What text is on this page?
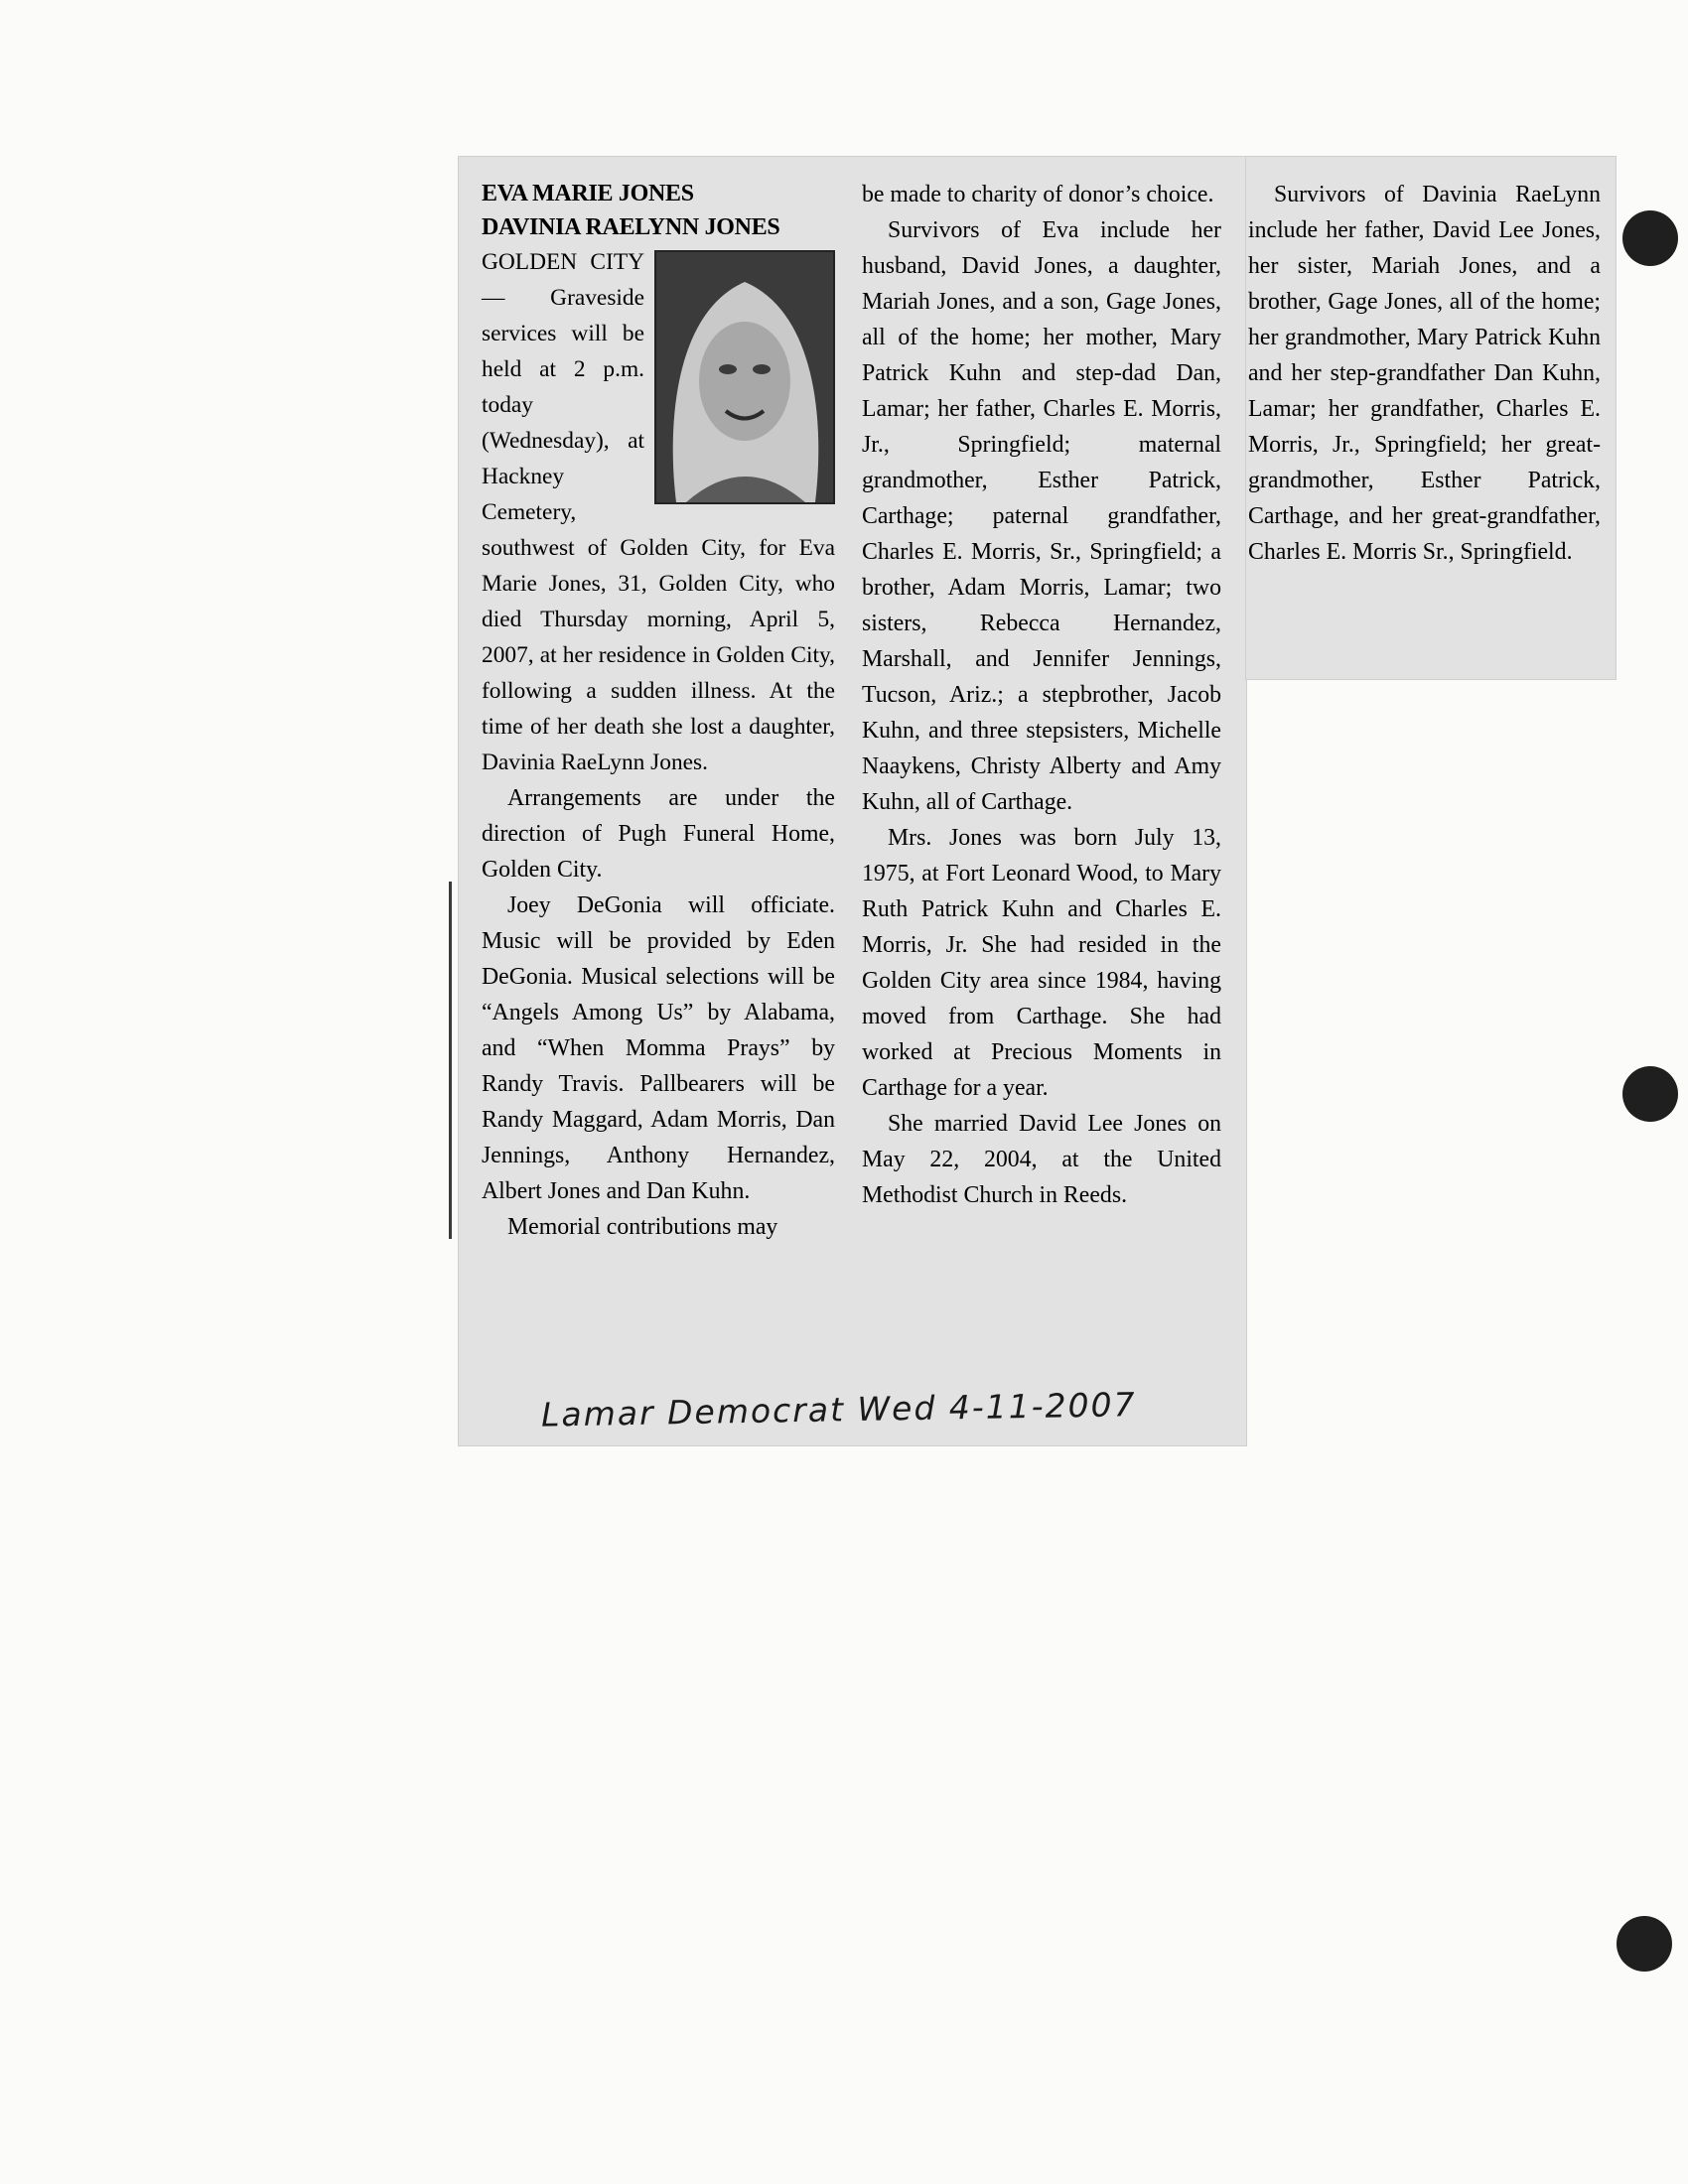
EVA MARIE JONES
DAVINIA RAELYNN JONES

GOLDEN CITY — Graveside services will be held at 2 p.m. today (Wednesday), at Hackney Cemetery, southwest of Golden City, for Eva Marie Jones, 31, Golden City, who died Thursday morning, April 5, 2007, at her residence in Golden City, following a sudden illness. At the time of her death she lost a daughter, Davinia RaeLynn Jones.

Arrangements are under the direction of Pugh Funeral Home, Golden City.

Joey DeGonia will officiate. Music will be provided by Eden DeGonia. Musical selections will be “Angels Among Us” by Alabama, and “When Momma Prays” by Randy Travis. Pallbearers will be Randy Maggard, Adam Morris, Dan Jennings, Anthony Hernandez, Albert Jones and Dan Kuhn.

Memorial contributions may

be made to charity of donor’s choice.

Survivors of Eva include her husband, David Jones, a daughter, Mariah Jones, and a son, Gage Jones, all of the home; her mother, Mary Patrick Kuhn and step-dad Dan, Lamar; her father, Charles E. Morris, Jr., Springfield; maternal grandmother, Esther Patrick, Carthage; paternal grandfather, Charles E. Morris, Sr., Springfield; a brother, Adam Morris, Lamar; two sisters, Rebecca Hernandez, Marshall, and Jennifer Jennings, Tucson, Ariz.; a stepbrother, Jacob Kuhn, and three stepsisters, Michelle Naaykens, Christy Alberty and Amy Kuhn, all of Carthage.

Mrs. Jones was born July 13, 1975, at Fort Leonard Wood, to Mary Ruth Patrick Kuhn and Charles E. Morris, Jr. She had resided in the Golden City area since 1984, having moved from Carthage. She had worked at Precious Moments in Carthage for a year.

She married David Lee Jones on May 22, 2004, at the United Methodist Church in Reeds.

Survivors of Davinia RaeLynn include her father, David Lee Jones, her sister, Mariah Jones, and a brother, Gage Jones, all of the home; her grandmother, Mary Patrick Kuhn and her step-grandfather Dan Kuhn, Lamar; her grandfather, Charles E. Morris, Jr., Springfield; her great-grandmother, Esther Patrick, Carthage, and her great-grandfather, Charles E. Morris Sr., Springfield.

Lamar Democrat Wed 4-11-2007
